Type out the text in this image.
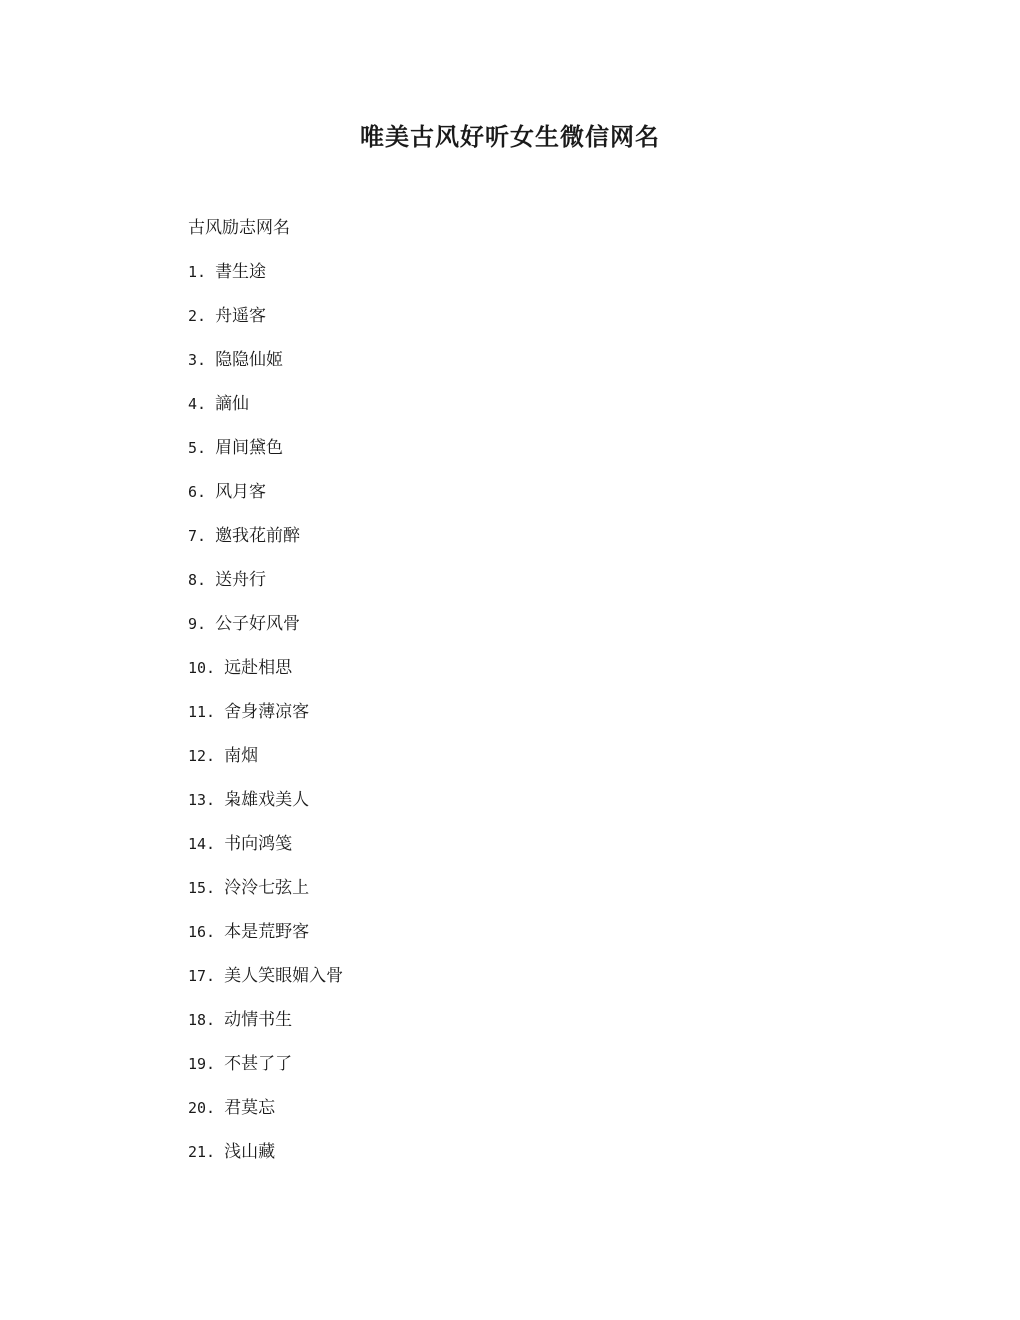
唯美古风好听女生微信网名
古风励志网名
1. 書生途
2. 舟遥客
3. 隐隐仙姬
4. 謫仙
5. 眉间黛色
6. 风月客
7. 邀我花前醉
8. 送舟行
9. 公子好风骨
10. 远赴相思
11. 舍身薄凉客
12. 南烟
13. 枭雄戏美人
14. 书向鸿笺
15. 泠泠七弦上
16. 本是荒野客
17. 美人笑眼媚入骨
18. 动情书生
19. 不甚了了
20. 君莫忘
21. 浅山藏
